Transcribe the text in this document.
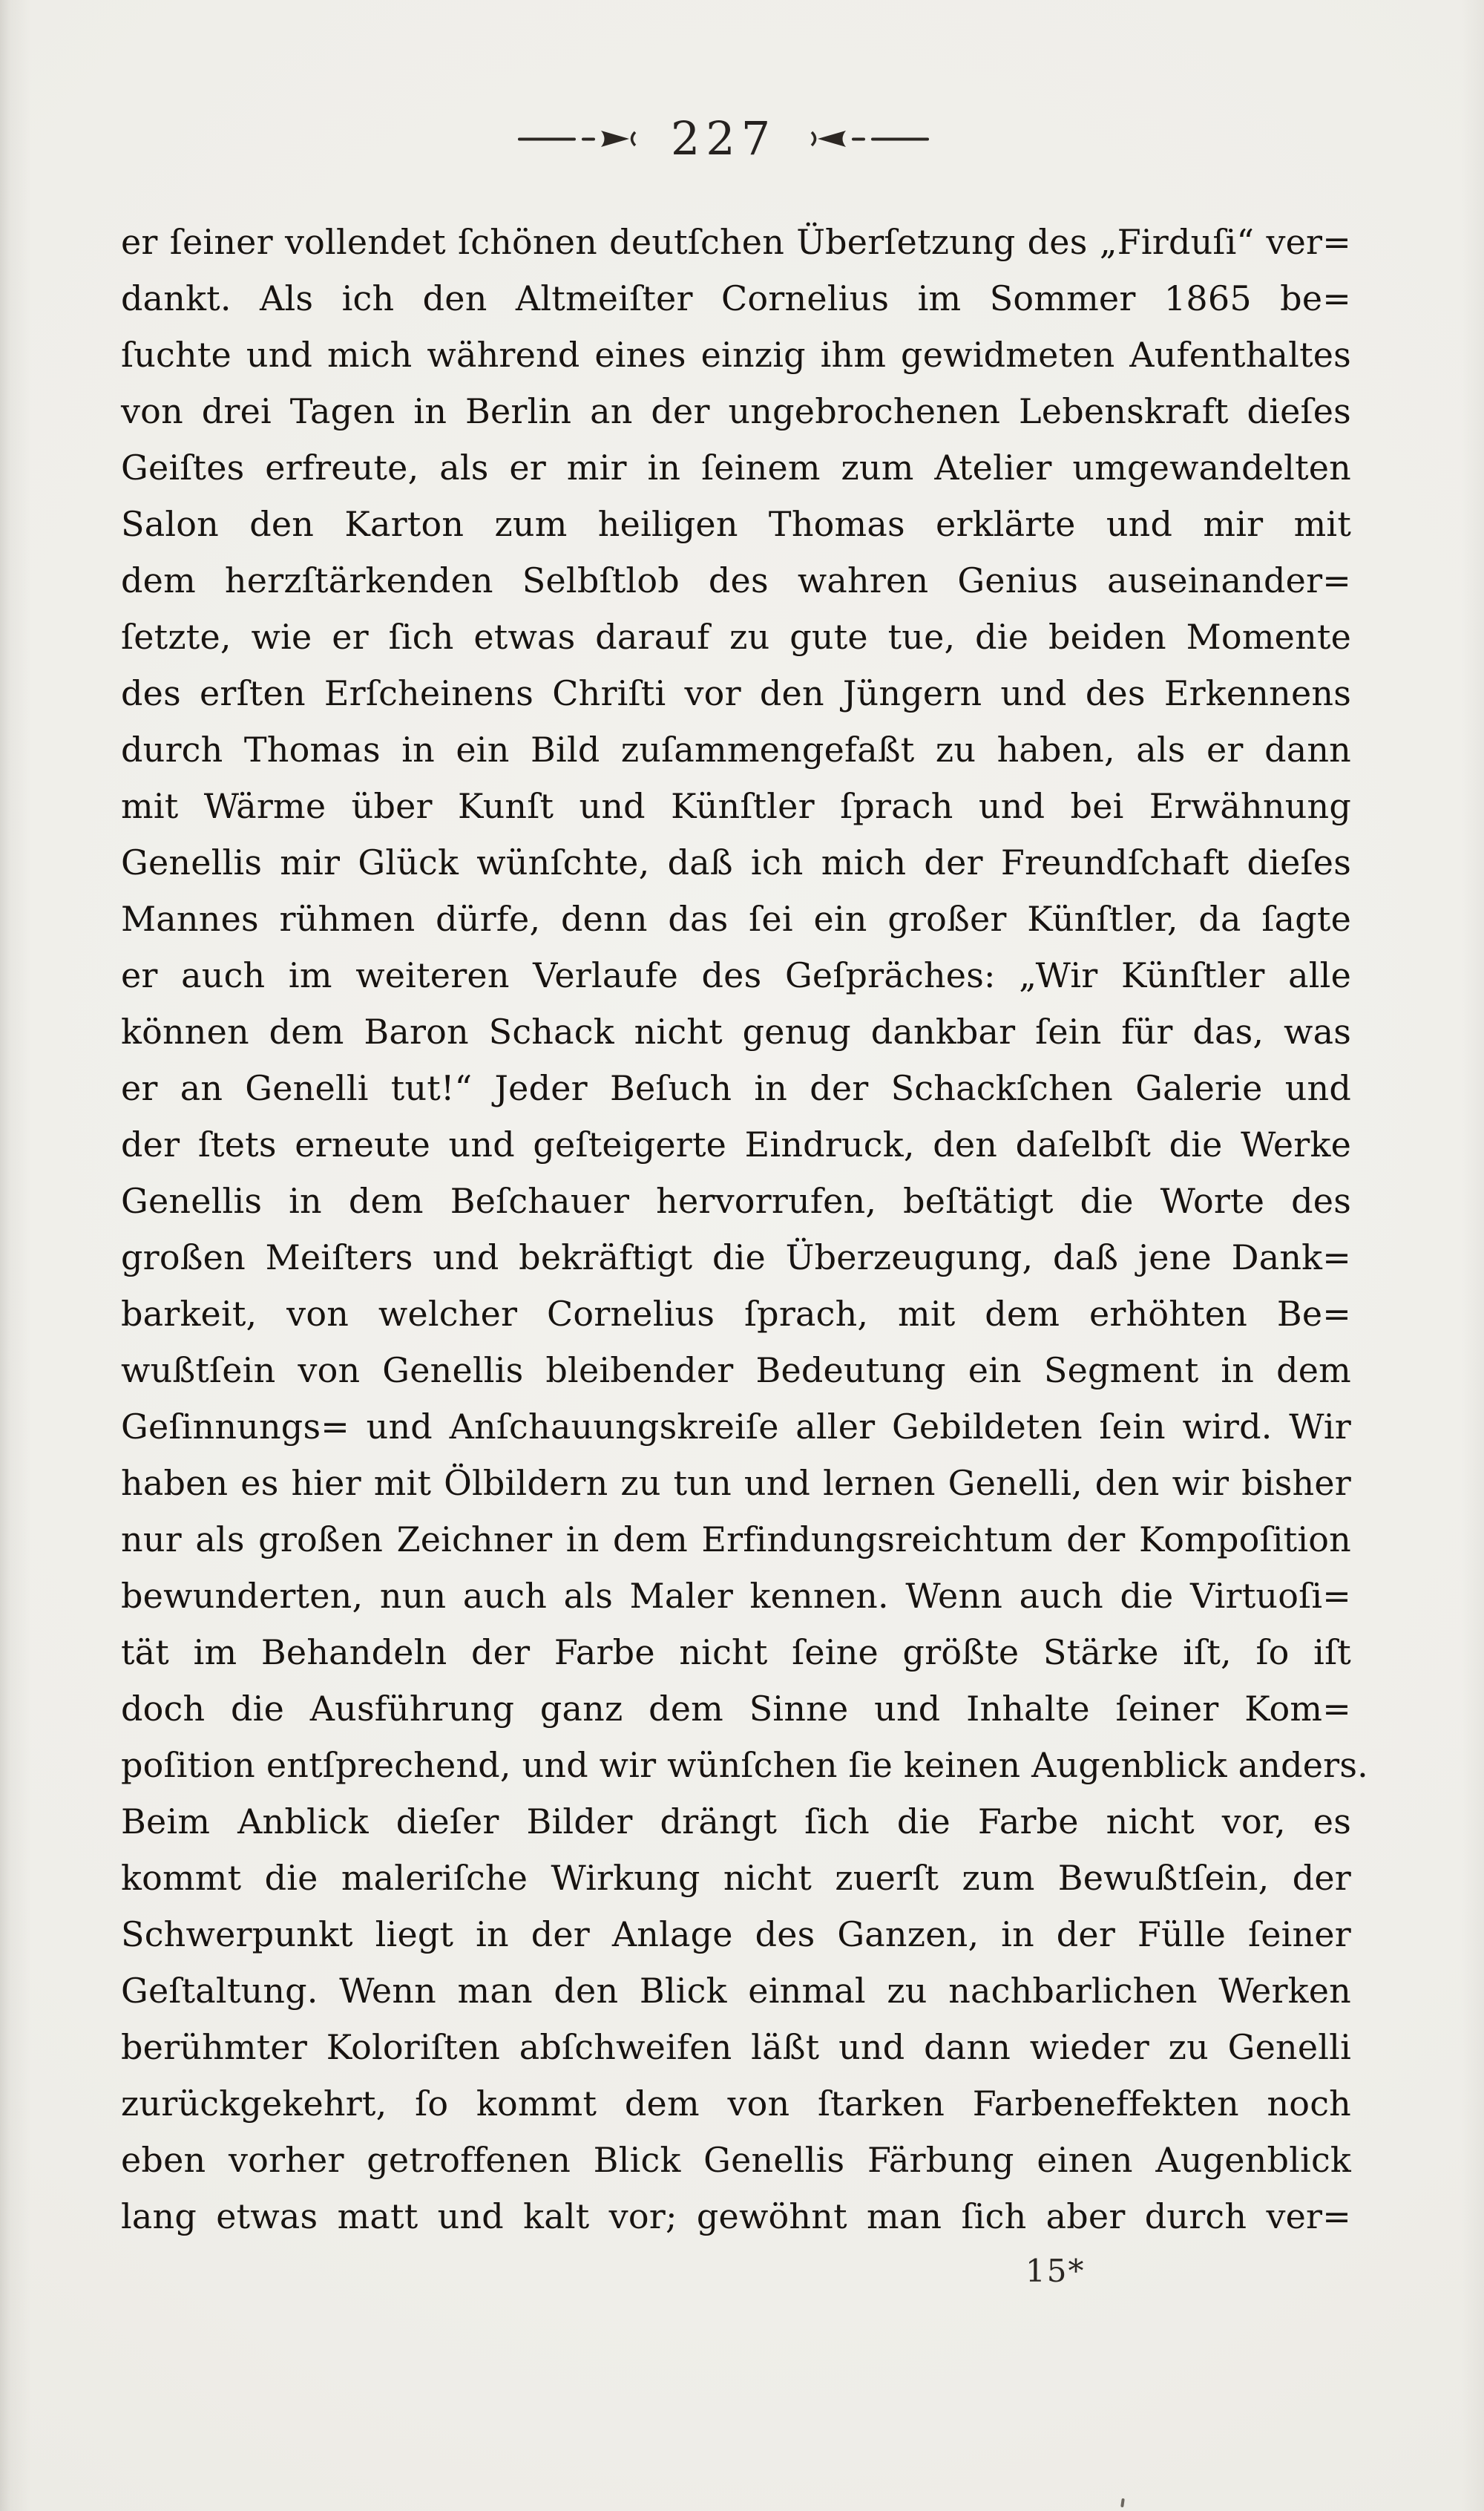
227
er ſeiner vollendet ſchönen deutſchen Überſetzung des „Firduſi“ ver=
dankt. Als ich den Altmeiſter Cornelius im Sommer 1865 be=
ſuchte und mich während eines einzig ihm gewidmeten Aufenthaltes
von drei Tagen in Berlin an der ungebrochenen Lebenskraft dieſes
Geiſtes erfreute, als er mir in ſeinem zum Atelier umgewandelten
Salon den Karton zum heiligen Thomas erklärte und mir mit
dem herzſtärkenden Selbſtlob des wahren Genius auseinander=
ſetzte, wie er ſich etwas darauf zu gute tue, die beiden Momente
des erſten Erſcheinens Chriſti vor den Jüngern und des Erkennens
durch Thomas in ein Bild zuſammengefaßt zu haben, als er dann
mit Wärme über Kunſt und Künſtler ſprach und bei Erwähnung
Genellis mir Glück wünſchte, daß ich mich der Freundſchaft dieſes
Mannes rühmen dürfe, denn das ſei ein großer Künſtler, da ſagte
er auch im weiteren Verlaufe des Geſpräches: „Wir Künſtler alle
können dem Baron Schack nicht genug dankbar ſein für das, was
er an Genelli tut!“ Jeder Beſuch in der Schackſchen Galerie und
der ſtets erneute und geſteigerte Eindruck, den daſelbſt die Werke
Genellis in dem Beſchauer hervorrufen, beſtätigt die Worte des
großen Meiſters und bekräftigt die Überzeugung, daß jene Dank=
barkeit, von welcher Cornelius ſprach, mit dem erhöhten Be=
wußtſein von Genellis bleibender Bedeutung ein Segment in dem
Geſinnungs= und Anſchauungskreiſe aller Gebildeten ſein wird. Wir
haben es hier mit Ölbildern zu tun und lernen Genelli, den wir bisher
nur als großen Zeichner in dem Erfindungsreichtum der Kompoſition
bewunderten, nun auch als Maler kennen. Wenn auch die Virtuoſi=
tät im Behandeln der Farbe nicht ſeine größte Stärke iſt, ſo iſt
doch die Ausführung ganz dem Sinne und Inhalte ſeiner Kom=
poſition entſprechend, und wir wünſchen ſie keinen Augenblick anders.
Beim Anblick dieſer Bilder drängt ſich die Farbe nicht vor, es
kommt die maleriſche Wirkung nicht zuerſt zum Bewußtſein, der
Schwerpunkt liegt in der Anlage des Ganzen, in der Fülle ſeiner
Geſtaltung. Wenn man den Blick einmal zu nachbarlichen Werken
berühmter Koloriſten abſchweifen läßt und dann wieder zu Genelli
zurückgekehrt, ſo kommt dem von ſtarken Farbeneffekten noch
eben vorher getroffenen Blick Genellis Färbung einen Augenblick
lang etwas matt und kalt vor; gewöhnt man ſich aber durch ver=
15*
